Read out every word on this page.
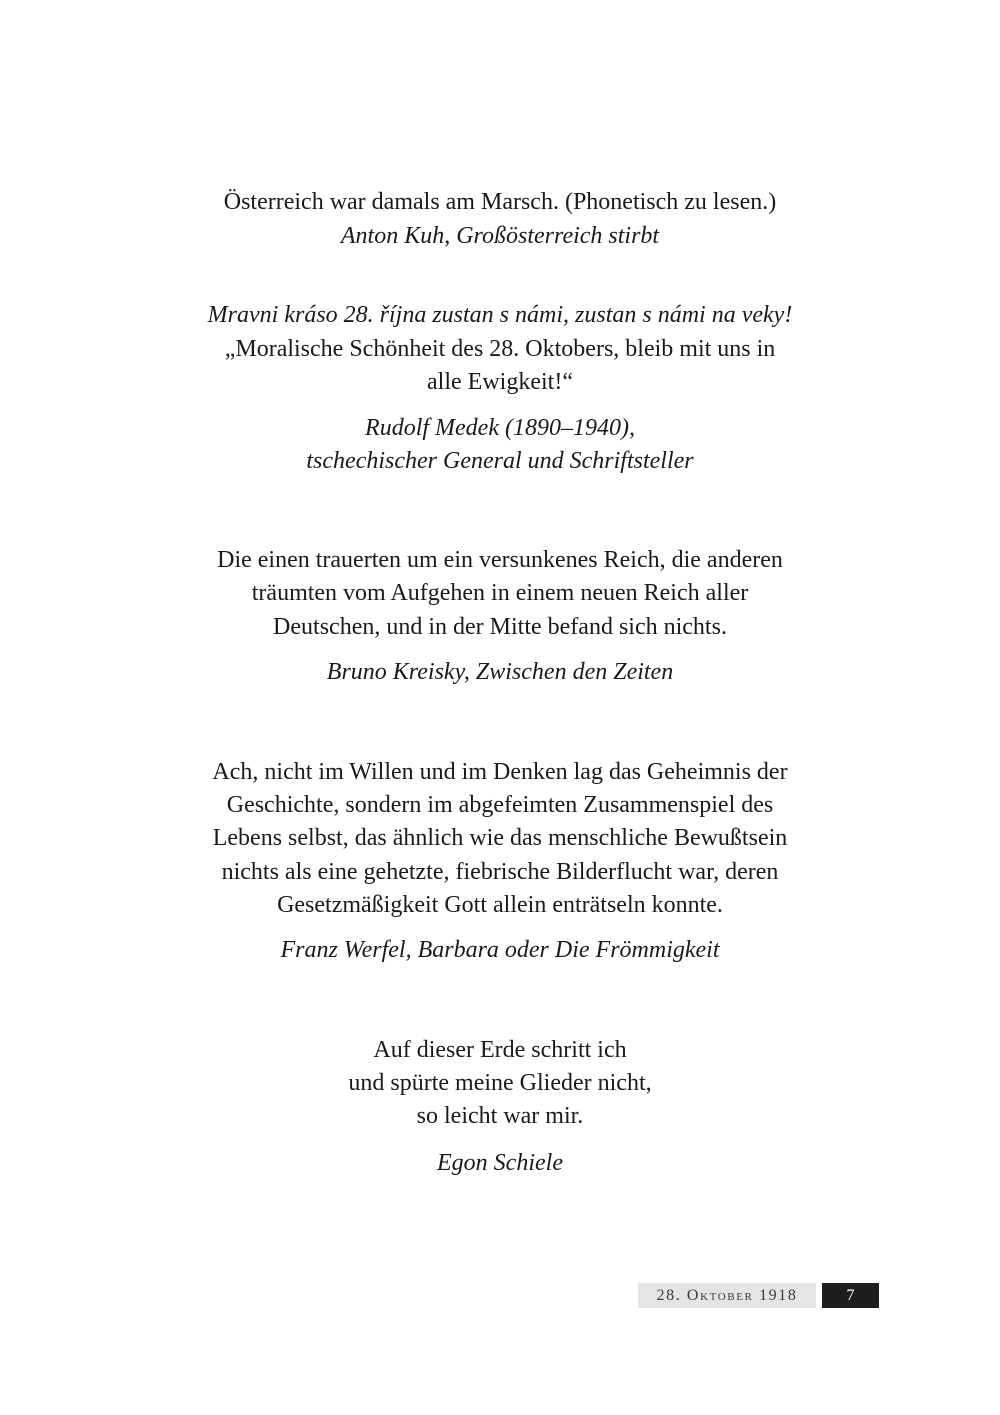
Österreich war damals am Marsch. (Phonetisch zu lesen.)

Anton Kuh, Großösterreich stirbt

Mravni kráso 28. října zustan s námi, zustan s námi na veky!

„Moralische Schönheit des 28. Oktobers, bleib mit uns in

alle Ewigkeit!“

Rudolf Medek (1890–1940),

tschechischer General und Schriftsteller

Die einen trauerten um ein versunkenes Reich, die anderen

träumten vom Aufgehen in einem neuen Reich aller

Deutschen, und in der Mitte befand sich nichts.

Bruno Kreisky, Zwischen den Zeiten

Ach, nicht im Willen und im Denken lag das Geheimnis der

Geschichte, sondern im abgefeimten Zusammenspiel des

Lebens selbst, das ähnlich wie das menschliche Bewußtsein

nichts als eine gehetzte, fiebrische Bilderflucht war, deren

Gesetzmäßigkeit Gott allein enträtseln konnte.

Franz Werfel, Barbara oder Die Frömmigkeit

Auf dieser Erde schritt ich

und spürte meine Glieder nicht,

so leicht war mir.

Egon Schiele

28. Oktober 1918	7
